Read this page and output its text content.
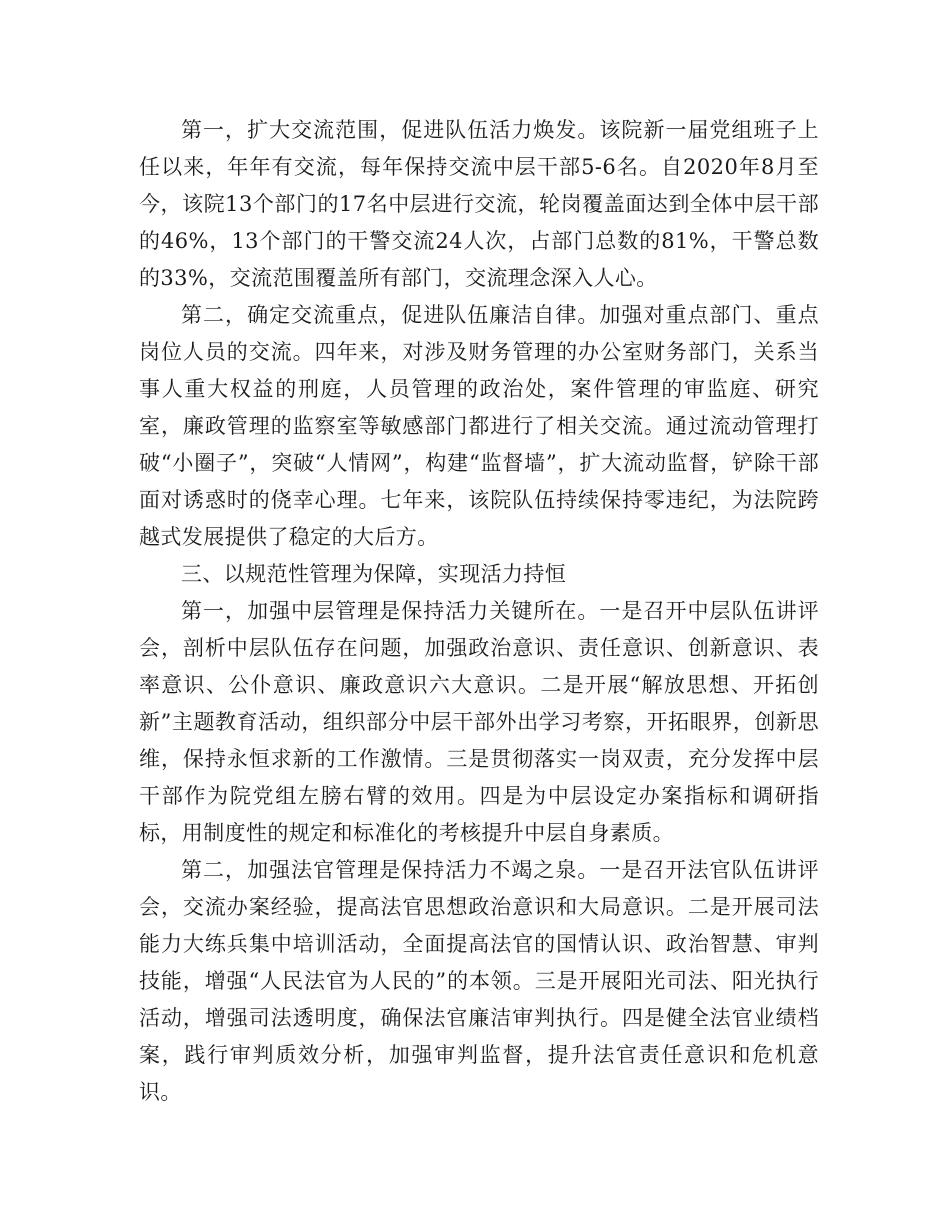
第一，扩大交流范围，促进队伍活力焕发。该院新一届党组班子上任以来，年年有交流，每年保持交流中层干部5-6名。自2020年8月至今，该院13个部门的17名中层进行交流，轮岗覆盖面达到全体中层干部的46%，13个部门的干警交流24人次，占部门总数的81%，干警总数的33%，交流范围覆盖所有部门，交流理念深入人心。

第二，确定交流重点，促进队伍廉洁自律。加强对重点部门、重点岗位人员的交流。四年来，对涉及财务管理的办公室财务部门，关系当事人重大权益的刑庭，人员管理的政治处，案件管理的审监庭、研究室，廉政管理的监察室等敏感部门都进行了相关交流。通过流动管理打破“小圈子”，突破“人情网”，构建“监督墙”，扩大流动监督，铲除干部面对诱惑时的侥幸心理。七年来，该院队伍持续保持零违纪，为法院跨越式发展提供了稳定的大后方。

三、以规范性管理为保障，实现活力持恒

第一，加强中层管理是保持活力关键所在。一是召开中层队伍讲评会，剖析中层队伍存在问题，加强政治意识、责任意识、创新意识、表率意识、公仆意识、廉政意识六大意识。二是开展“解放思想、开拓创新”主题教育活动，组织部分中层干部外出学习考察，开拓眼界，创新思维，保持永恒求新的工作激情。三是贯彻落实一岗双责，充分发挥中层干部作为院党组左膀右臂的效用。四是为中层设定办案指标和调研指标，用制度性的规定和标准化的考核提升中层自身素质。

第二，加强法官管理是保持活力不竭之泉。一是召开法官队伍讲评会，交流办案经验，提高法官思想政治意识和大局意识。二是开展司法能力大练兵集中培训活动，全面提高法官的国情认识、政治智慧、审判技能，增强“人民法官为人民的”的本领。三是开展阳光司法、阳光执行活动，增强司法透明度，确保法官廉洁审判执行。四是健全法官业绩档案，践行审判质效分析，加强审判监督，提升法官责任意识和危机意识。
